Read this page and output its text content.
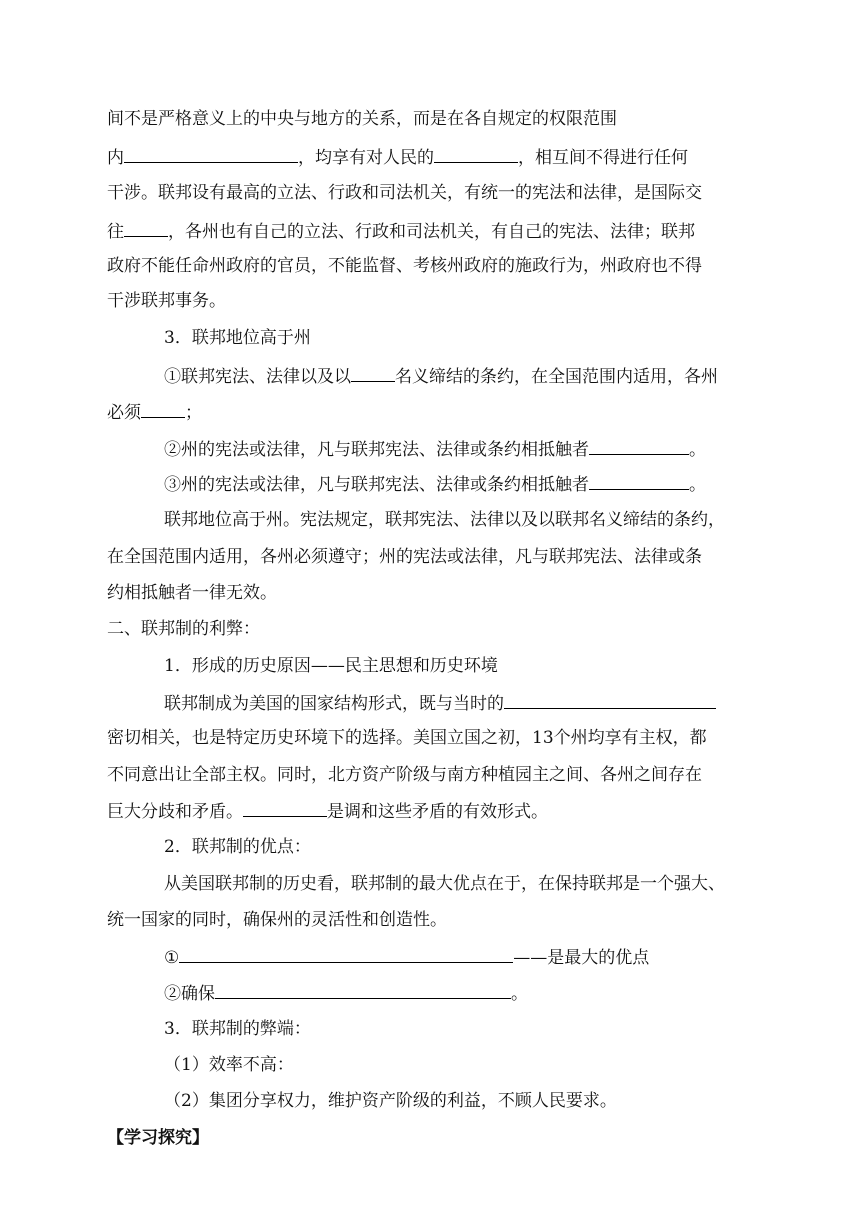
间不是严格意义上的中央与地方的关系，而是在各自规定的权限范围
内	，均享有对人民的	，相互间不得进行任何
干涉。联邦设有最高的立法、行政和司法机关，有统一的宪法和法律，是国际交
往	，各州也有自己的立法、行政和司法机关，有自己的宪法、法律；联邦
政府不能任命州政府的官员，不能监督、考核州政府的施政行为，州政府也不得
干涉联邦事务。
3．联邦地位高于州
①联邦宪法、法律以及以	名义缔结的条约，在全国范围内适用，各州
必须	；
②州的宪法或法律，凡与联邦宪法、法律或条约相抵触者	。
③州的宪法或法律，凡与联邦宪法、法律或条约相抵触者	。
联邦地位高于州。宪法规定，联邦宪法、法律以及以联邦名义缔结的条约，
在全国范围内适用，各州必须遵守；州的宪法或法律，凡与联邦宪法、法律或条
约相抵触者一律无效。
二、联邦制的利弊：
1．形成的历史原因——民主思想和历史环境
联邦制成为美国的国家结构形式，既与当时的
密切相关，也是特定历史环境下的选择。美国立国之初，13个州均享有主权，都
不同意出让全部主权。同时，北方资产阶级与南方种植园主之间、各州之间存在
巨大分歧和矛盾。	是调和这些矛盾的有效形式。
2．联邦制的优点：
从美国联邦制的历史看，联邦制的最大优点在于，在保持联邦是一个强大、
统一国家的同时，确保州的灵活性和创造性。
①	——是最大的优点
②确保	。
3．联邦制的弊端：
（1）效率不高：
（2）集团分享权力，维护资产阶级的利益，不顾人民要求。
【学习探究】
